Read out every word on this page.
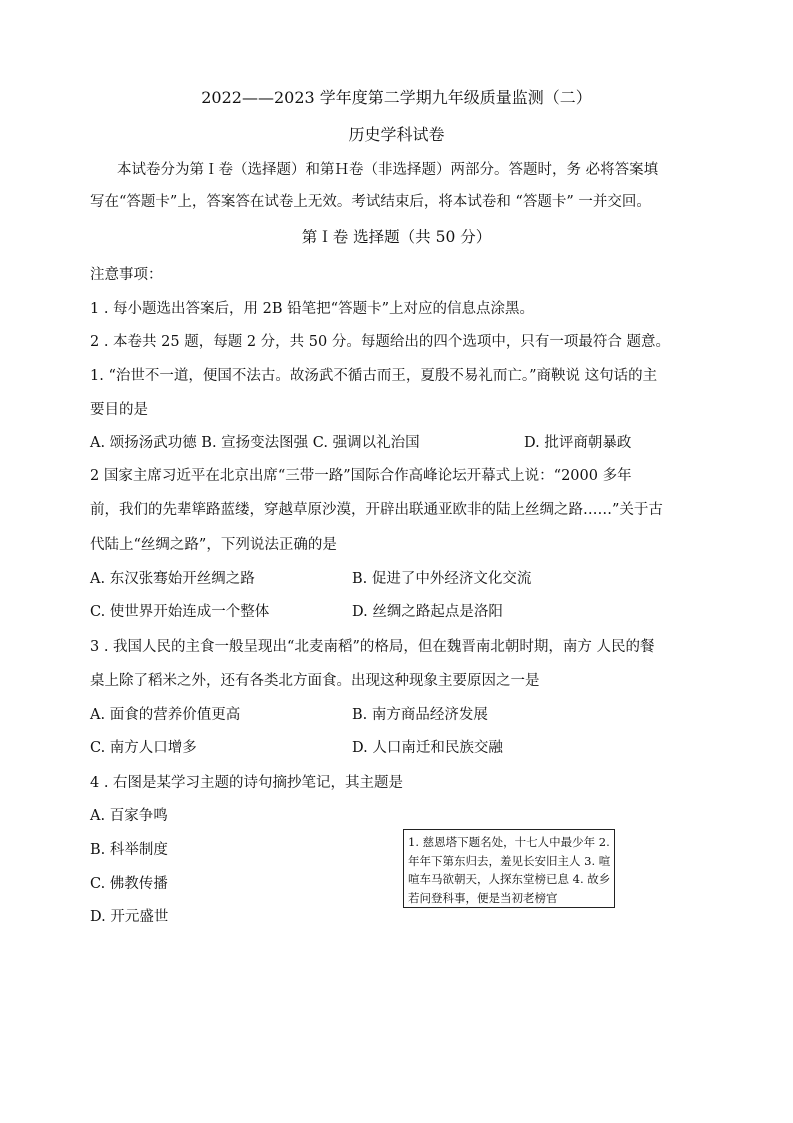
2022——2023 学年度第二学期九年级质量监测（二）
历史学科试卷
本试卷分为第Ｉ卷（选择题）和第Ｈ卷（非选择题）两部分。答题时，务 必将答案填
写在“答题卡”上，答案答在试卷上无效。考试结束后，将本试卷和 “答题卡” 一并交回。
第Ｉ卷 选择题（共 50 分）
注意事项：
1 . 每小题选出答案后，用 2B 铅笔把“答题卡”上对应的信息点涂黑。
2 . 本卷共 25 题，每题 2 分，共 50 分。每题给出的四个选项中，只有一项最符合 题意。
1. “治世不一道，便国不法古。故汤武不循古而王，夏殷不易礼而亡。”商鞅说 这句话的主
要目的是
A. 颂扬汤武功德 B. 宣扬变法图强 C. 强调以礼治国	D. 批评商朝暴政
2 国家主席习近平在北京出席“三带一路”国际合作高峰论坛开幕式上说：“2000 多年
前，我们的先辈筚路蓝缕，穿越草原沙漠，开辟出联通亚欧非的陆上丝绸之路……”关于古
代陆上“丝绸之路”，下列说法正确的是
A. 东汉张骞始开丝绸之路	B. 促进了中外经济文化交流
C. 使世界开始连成一个整体	D. 丝绸之路起点是洛阳
3 . 我国人民的主食一般呈现出“北麦南稻”的格局，但在魏晋南北朝时期，南方 人民的餐
桌上除了稻米之外，还有各类北方面食。出现这种现象主要原因之一是
A. 面食的营养价值更高	B. 南方商品经济发展
C. 南方人口增多	D. 人口南迁和民族交融
4 . 右图是某学习主题的诗句摘抄笔记，其主题是
A. 百家争鸣
B. 科举制度
C. 佛教传播
D. 开元盛世
1. 慈恩塔下题名处，十七人中最少年 2.
年年下第东归去，羞见长安旧主人 3. 喧
喧车马欲朝天，人探东堂榜已息 4. 故乡
若问登科事，便是当初老榜官
